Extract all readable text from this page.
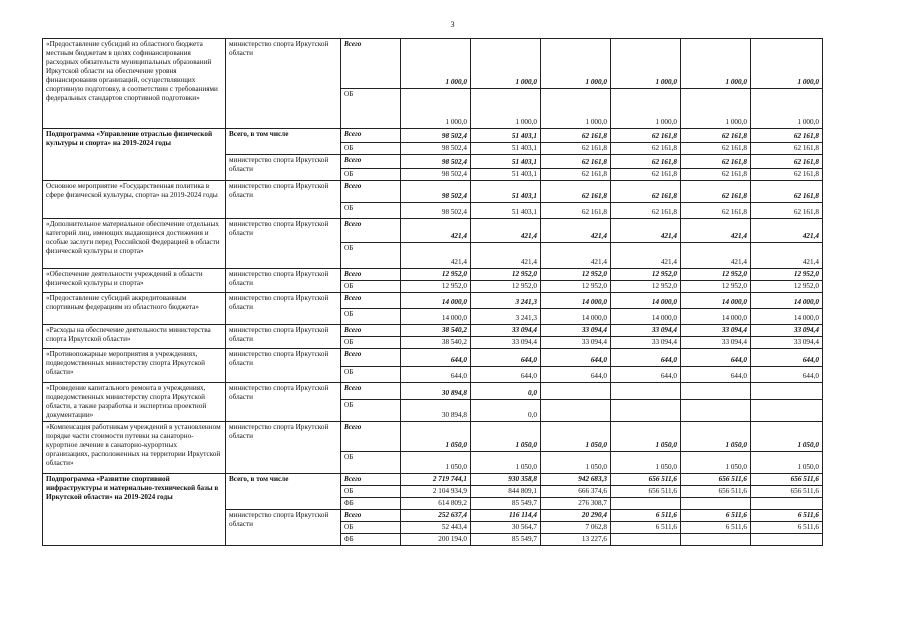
3
«Предоставление субсидий из областного бюджета местным бюджетам в целях софинансирования расходных обязательств муниципальных образований Иркутской области на обеспечение уровня финансирования организаций, осуществляющих спортивную подготовку, в соответствии с требованиями федеральных стандартов спортивной подготовки»	министерство спорта Иркутской области	Всего	1 000,0	1 000,0	1 000,0	1 000,0	1 000,0	1 000,0
		ОБ	1 000,0	1 000,0	1 000,0	1 000,0	1 000,0	1 000,0
Подпрограмма «Управление отраслью физической культуры и спорта» на 2019-2024 годы	Всего, в том числе	Всего	98 502,4	51 403,1	62 161,8	62 161,8	62 161,8	62 161,8
		ОБ	98 502,4	51 403,1	62 161,8	62 161,8	62 161,8	62 161,8
	министерство спорта Иркутской области	Всего	98 502,4	51 403,1	62 161,8	62 161,8	62 161,8	62 161,8
		ОБ	98 502,4	51 403,1	62 161,8	62 161,8	62 161,8	62 161,8
Основное мероприятие «Государственная политика в сфере физической культуры, спорта» на 2019-2024 годы	министерство спорта Иркутской области	Всего	98 502,4	51 403,1	62 161,8	62 161,8	62 161,8	62 161,8
		ОБ	98 502,4	51 403,1	62 161,8	62 161,8	62 161,8	62 161,8
«Дополнительное материальное обеспечение отдельных категорий лиц, имеющих выдающиеся достижения и особые заслуги перед Российской Федерацией в области физической культуры и спорта»	министерство спорта Иркутской области	Всего	421,4	421,4	421,4	421,4	421,4	421,4
		ОБ	421,4	421,4	421,4	421,4	421,4	421,4
«Обеспечение деятельности учреждений в области физической культуры и спорта»	министерство спорта Иркутской области	Всего	12 952,0	12 952,0	12 952,0	12 952,0	12 952,0	12 952,0
		ОБ	12 952,0	12 952,0	12 952,0	12 952,0	12 952,0	12 952,0
«Предоставление субсидий аккредитованным спортивным федерациям из областного бюджета»	министерство спорта Иркутской области	Всего	14 000,0	3 241,3	14 000,0	14 000,0	14 000,0	14 000,0
		ОБ	14 000,0	3 241,3	14 000,0	14 000,0	14 000,0	14 000,0
«Расходы на обеспечение деятельности министерства спорта Иркутской области»	министерство спорта Иркутской области	Всего	38 540,2	33 094,4	33 094,4	33 094,4	33 094,4	33 094,4
		ОБ	38 540,2	33 094,4	33 094,4	33 094,4	33 094,4	33 094,4
«Противопожарные мероприятия в учреждениях, подведомственных министерству спорта Иркутской области»	министерство спорта Иркутской области	Всего	644,0	644,0	644,0	644,0	644,0	644,0
		ОБ	644,0	644,0	644,0	644,0	644,0	644,0
«Проведение капитального ремонта в учреждениях, подведомственных министерству спорта Иркутской области, а также разработка и экспертиза проектной документации»	министерство спорта Иркутской области	Всего	30 894,8	0,0				
		ОБ	30 894,8	0,0				
«Компенсация работникам учреждений в установленном порядке части стоимости путевки на санаторно-курортное лечение в санаторно-курортных организациях, расположенных на территории Иркутской области»	министерство спорта Иркутской области	Всего	1 050,0	1 050,0	1 050,0	1 050,0	1 050,0	1 050,0
		ОБ	1 050,0	1 050,0	1 050,0	1 050,0	1 050,0	1 050,0
Подпрограмма «Развитие спортивной инфраструктуры и материально-технической базы в Иркутской области» на 2019-2024 годы	Всего, в том числе	Всего	2 719 744,1	930 358,8	942 683,3	656 511,6	656 511,6	656 511,6
		ОБ	2 104 934,9	844 809,1	666 374,6	656 511,6	656 511,6	656 511,6
		ФБ	614 809,2	85 549,7	276 308,7			
	министерство спорта Иркутской области	Всего	252 637,4	116 114,4	20 290,4	6 511,6	6 511,6	6 511,6
		ОБ	52 443,4	30 564,7	7 062,8	6 511,6	6 511,6	6 511,6
		ФБ	200 194,0	85 549,7	13 227,6			
